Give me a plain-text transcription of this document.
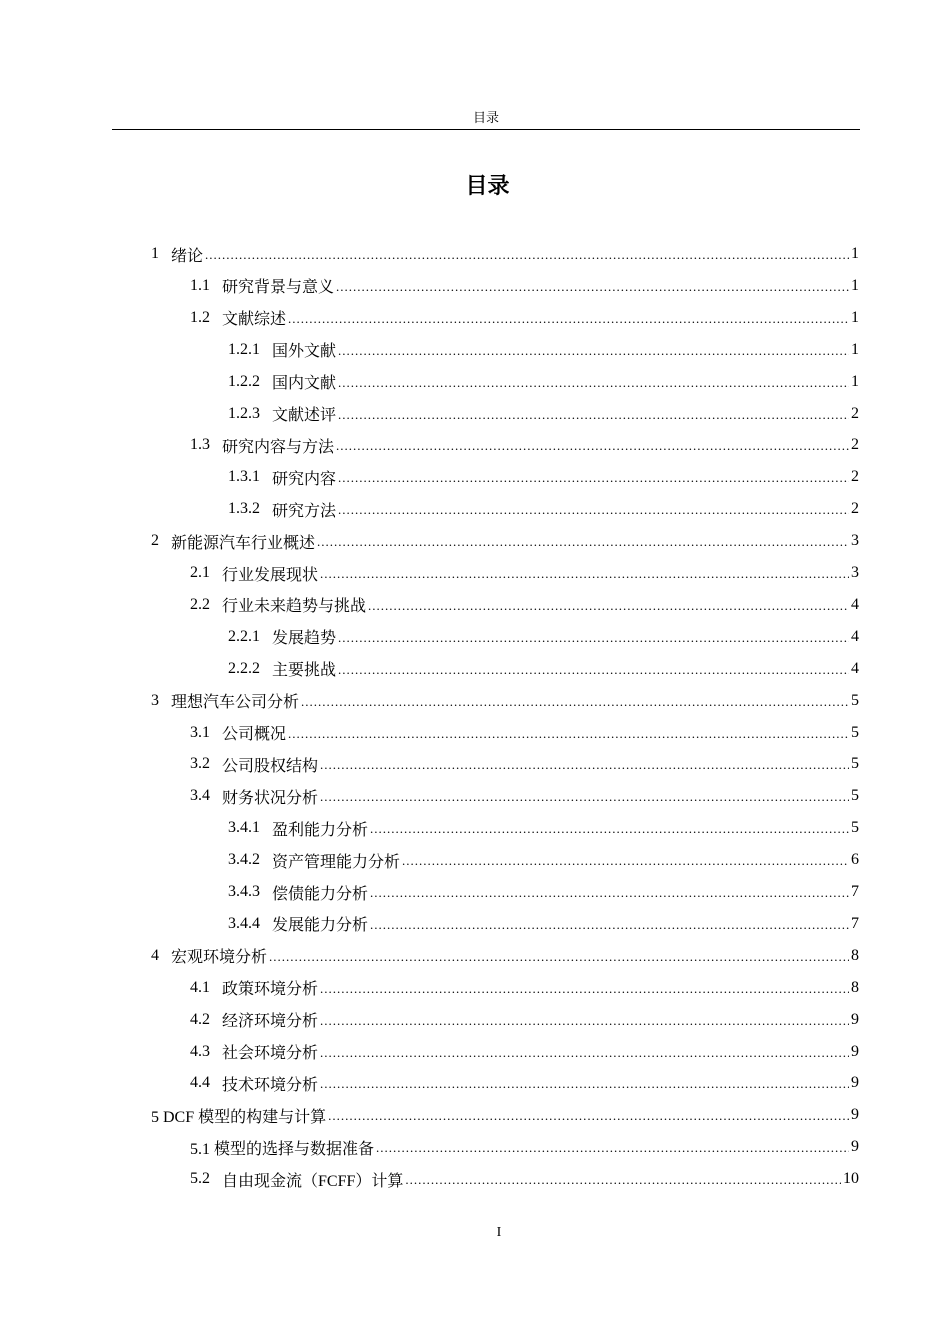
目录
目录
1 绪论 .....	1
1.1 研究背景与意义 .....	1
1.2 文献综述 .....	1
1.2.1 国外文献 .....	1
1.2.2 国内文献 .....	1
1.2.3 文献述评 .....	2
1.3 研究内容与方法 .....	2
1.3.1 研究内容 .....	2
1.3.2 研究方法 .....	2
2 新能源汽车行业概述 .....	3
2.1 行业发展现状 .....	3
2.2 行业未来趋势与挑战 .....	4
2.2.1 发展趋势 .....	4
2.2.2 主要挑战 .....	4
3 理想汽车公司分析 .....	5
3.1 公司概况 .....	5
3.2 公司股权结构 .....	5
3.4 财务状况分析 .....	5
3.4.1 盈利能力分析 .....	5
3.4.2 资产管理能力分析 .....	6
3.4.3 偿债能力分析 .....	7
3.4.4 发展能力分析 .....	7
4 宏观环境分析 .....	8
4.1 政策环境分析 .....	8
4.2 经济环境分析 .....	9
4.3 社会环境分析 .....	9
4.4 技术环境分析 .....	9
5 DCF 模型的构建与计算 .....	9
5.1 模型的选择与数据准备 .....	9
5.2 自由现金流（FCFF）计算 .....	10
I
